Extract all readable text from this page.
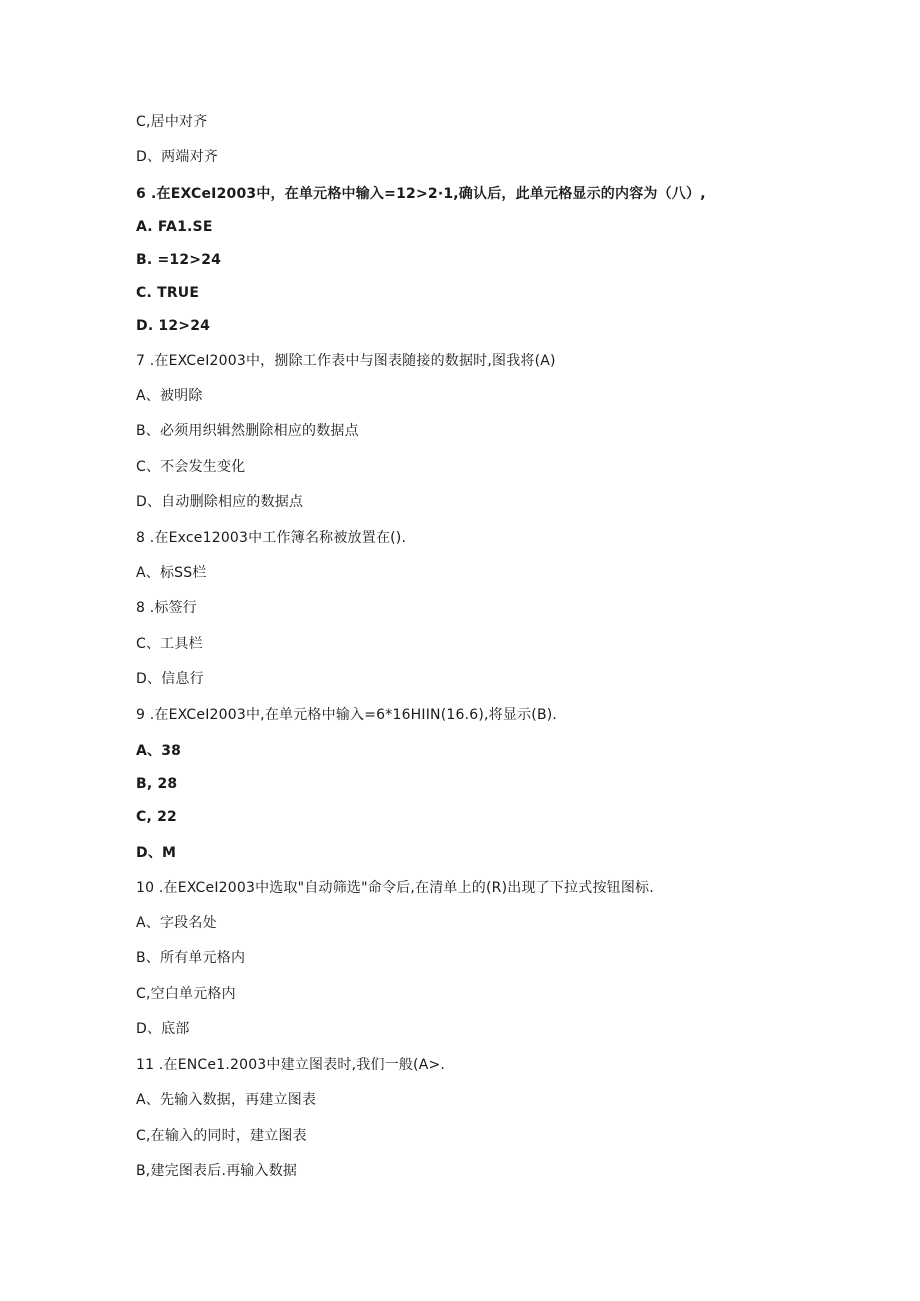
C,居中对齐
D、两端对齐
6 .在EXCeI2003中，在单元格中输入=12>2·1,确认后，此单元格显示的内容为（八）,
A. FA1.SE
B. =12>24
C. TRUE
D. 12>24
7 .在EXCeI2003中，捌除工作表中与图表随接的数据时,图我将(A)
A、被明除
B、必须用织辑然删除相应的数据点
C、不会发生变化
D、自动删除相应的数据点
8 .在Exce12003中工作簿名称被放置在().
A、标SS栏
8 .标签行
C、工具栏
D、信息行
9 .在EXCeI2003中,在单元格中输入=6*16HIIN(16.6),将显示(B).
A、38
B, 28
C, 22
D、M
10 .在EXCeI2003中选取"自动筛选"命令后,在清单上的(R)出现了下拉式按钮图标.
A、字段名处
B、所有单元格内
C,空白单元格内
D、底部
11 .在ENCe1.2003中建立图表时,我们一般(A>.
A、先输入数据，再建立图表
C,在输入的同时，建立图表
B,建完图表后.再输入数据
